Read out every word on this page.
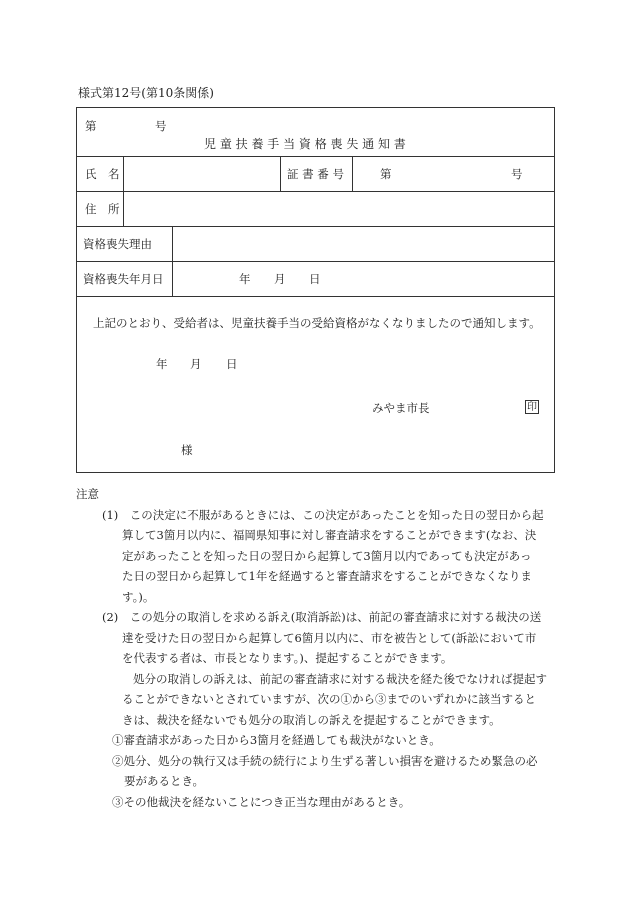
様式第12号(第10条関係)
第	号
児 童 扶 養 手 当 資 格 喪 失 通 知 書
氏　名	証 書 番 号	第	号
住　所
資格喪失理由
資格喪失年月日	年 月 日
上記のとおり、受給者は、児童扶養手当の受給資格がなくなりましたので通知します。
年 月 日
みやま市長	印
様
注意
(1)　この決定に不服があるときには、この決定があったことを知った日の翌日から起
算して3箇月以内に、福岡県知事に対し審査請求をすることができます(なお、決
定があったことを知った日の翌日から起算して3箇月以内であっても決定があっ
た日の翌日から起算して1年を経過すると審査請求をすることができなくなりま
す。)。
(2)　この処分の取消しを求める訴え(取消訴訟)は、前記の審査請求に対する裁決の送
達を受けた日の翌日から起算して6箇月以内に、市を被告として(訴訟において市
を代表する者は、市長となります。)、提起することができます。
処分の取消しの訴えは、前記の審査請求に対する裁決を経た後でなければ提起す
ることができないとされていますが、次の①から③までのいずれかに該当すると
きは、裁決を経ないでも処分の取消しの訴えを提起することができます。
①審査請求があった日から3箇月を経過しても裁決がないとき。
②処分、処分の執行又は手続の続行により生ずる著しい損害を避けるため緊急の必
要があるとき。
③その他裁決を経ないことにつき正当な理由があるとき。
